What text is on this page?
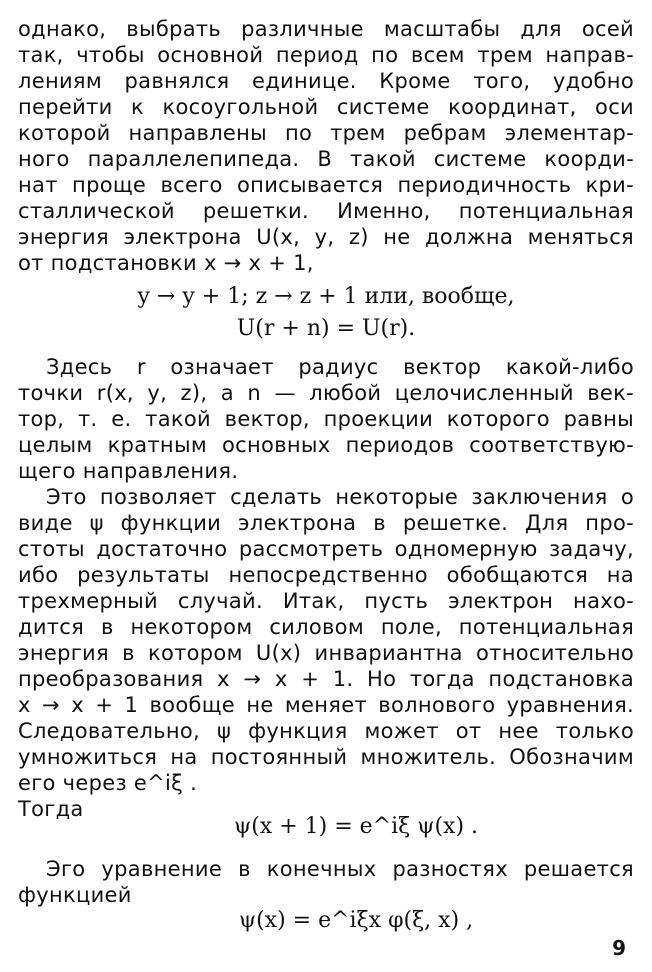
однако, выбрать различные масштабы для осей
так, чтобы основной период по всем трем направ-
лениям равнялся единице. Кроме того, удобно
перейти к косоугольной системе координат, оси
которой направлены по трем ребрам элементар-
ного параллелепипеда. В такой системе коорди-
нат проще всего описывается периодичность кри-
сталлической решетки. Именно, потенциальная
энергия электрона U(x, y, z) не должна меняться
от подстановки x → x + 1,
y → y + 1; z → z + 1 или, вообще,
U(r + n) = U(r).
Здесь r означает радиус вектор какой-либо
точки r(x, y, z), а n — любой целочисленный век-
тор, т. е. такой вектор, проекции которого равны
целым кратным основных периодов соответствую-
щего направления.
Это позволяет сделать некоторые заключения о
виде ψ функции электрона в решетке. Для про-
стоты достаточно рассмотреть одномерную задачу,
ибо результаты непосредственно обобщаются на
трехмерный случай. Итак, пусть электрон нахо-
дится в некотором силовом поле, потенциальная
энергия в котором U(x) инвариантна относительно
преобразования x → x + 1. Но тогда подстановка
x → x + 1 вообще не меняет волнового уравнения.
Следовательно, ψ функция может от нее только
умножиться на постоянный множитель. Обозначим
его через e^iξ .
Тогда
ψ(x + 1) = e^iξ ψ(x) .
Эго уравнение в конечных разностях решается
функцией
ψ(x) = e^iξx φ(ξ, x) ,
9
